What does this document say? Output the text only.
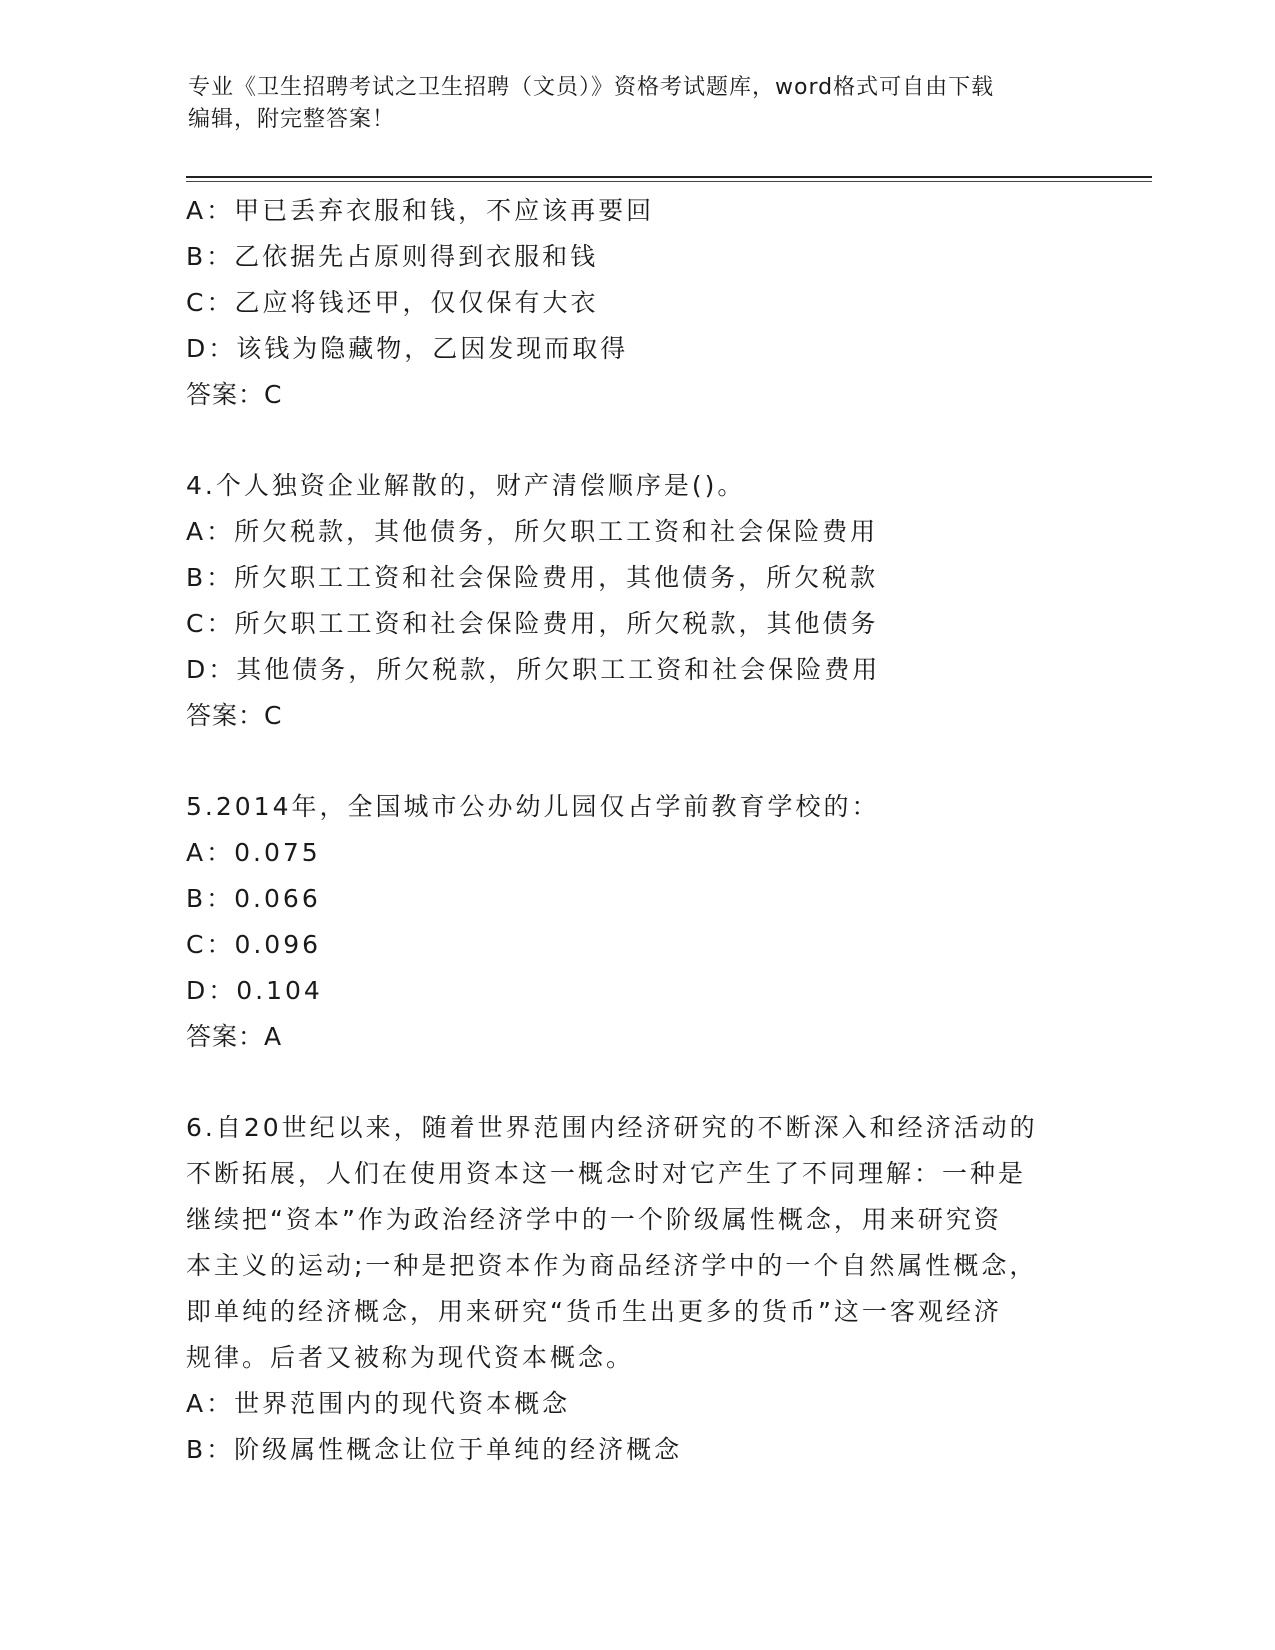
专业《卫生招聘考试之卫生招聘（文员）》资格考试题库，word格式可自由下载
编辑，附完整答案！
A：甲已丢弃衣服和钱，不应该再要回
B：乙依据先占原则得到衣服和钱
C：乙应将钱还甲，仅仅保有大衣
D：该钱为隐藏物，乙因发现而取得
答案：C
4.个人独资企业解散的，财产清偿顺序是()。
A：所欠税款，其他债务，所欠职工工资和社会保险费用
B：所欠职工工资和社会保险费用，其他债务，所欠税款
C：所欠职工工资和社会保险费用，所欠税款，其他债务
D：其他债务，所欠税款，所欠职工工资和社会保险费用
答案：C
5.2014年，全国城市公办幼儿园仅占学前教育学校的：
A：0.075
B：0.066
C：0.096
D：0.104
答案：A
6.自20世纪以来，随着世界范围内经济研究的不断深入和经济活动的
不断拓展，人们在使用资本这一概念时对它产生了不同理解：一种是
继续把“资本”作为政治经济学中的一个阶级属性概念，用来研究资
本主义的运动;一种是把资本作为商品经济学中的一个自然属性概念，
即单纯的经济概念，用来研究“货币生出更多的货币”这一客观经济
规律。后者又被称为现代资本概念。
A：世界范围内的现代资本概念
B：阶级属性概念让位于单纯的经济概念
